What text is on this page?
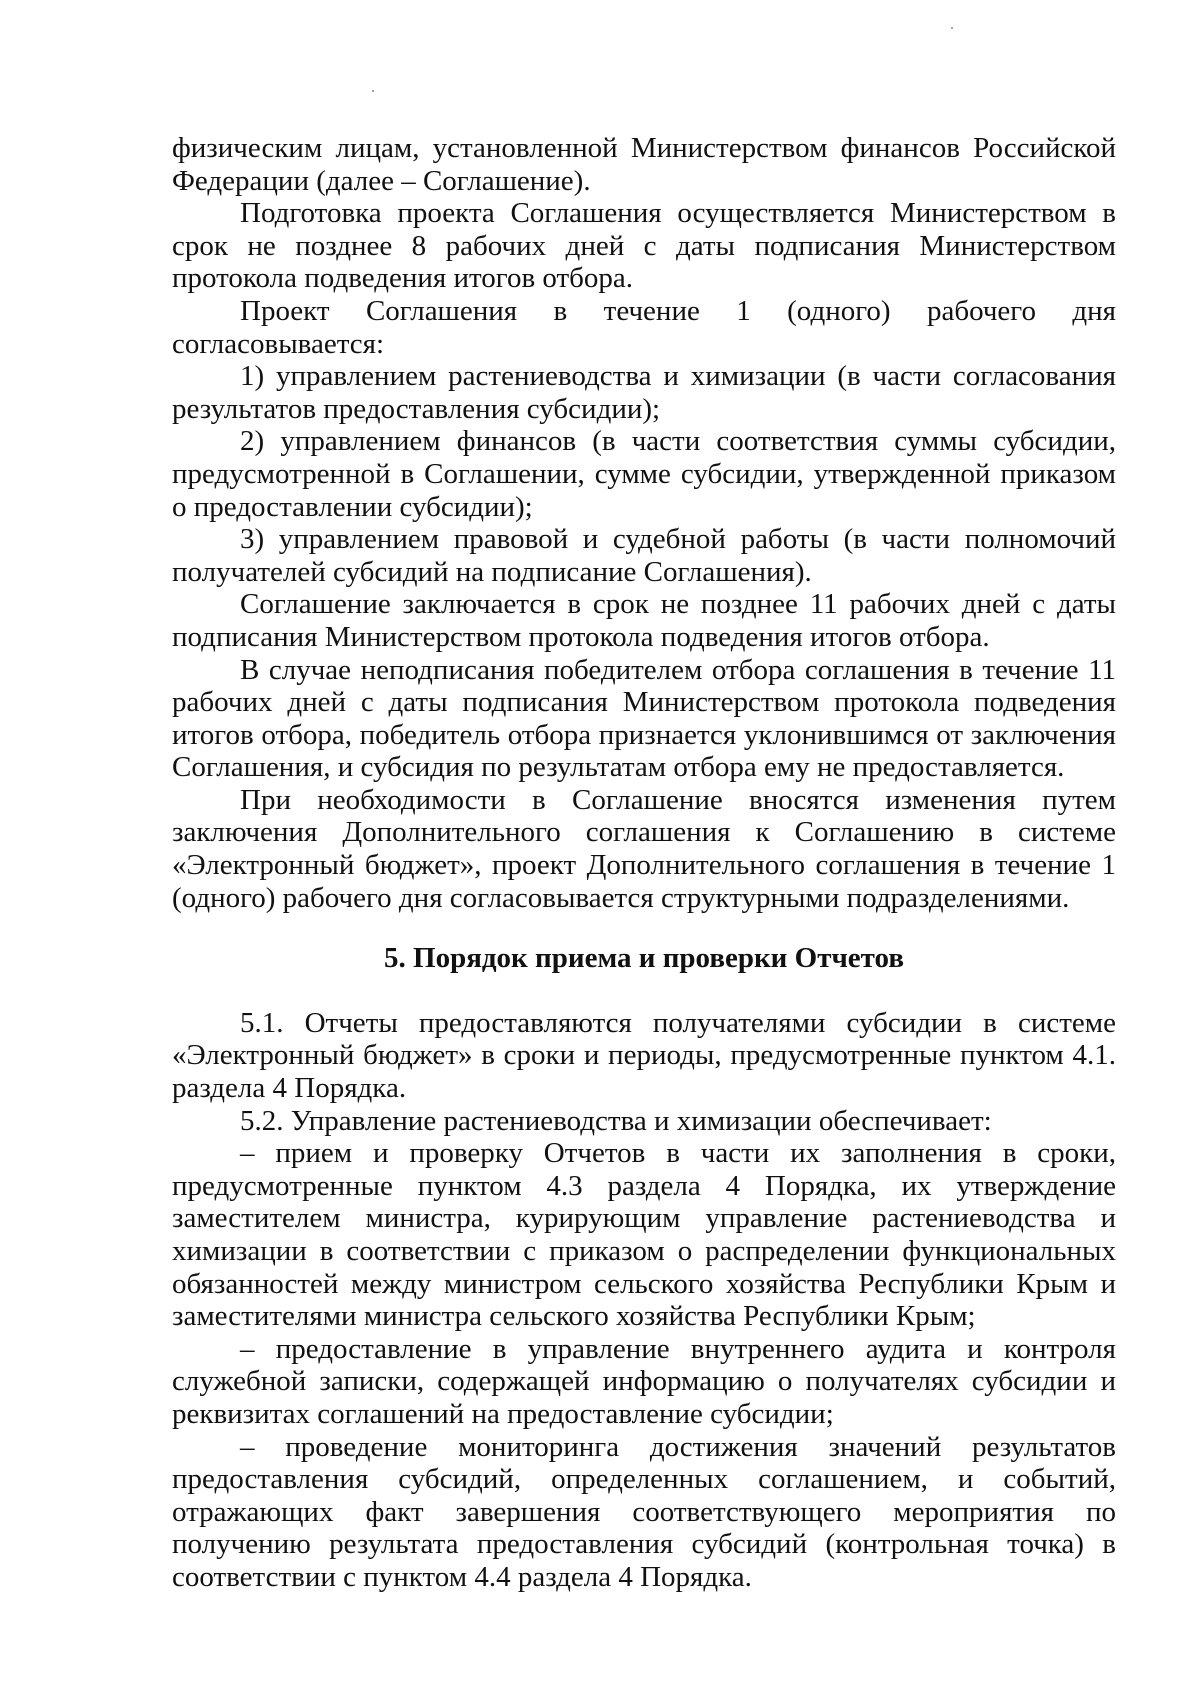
физическим лицам, установленной Министерством финансов Российской Федерации (далее – Соглашение).

Подготовка проекта Соглашения осуществляется Министерством в срок не позднее 8 рабочих дней с даты подписания Министерством протокола подведения итогов отбора.

Проект Соглашения в течение 1 (одного) рабочего дня согласовывается:

1) управлением растениеводства и химизации (в части согласования результатов предоставления субсидии);

2) управлением финансов (в части соответствия суммы субсидии, предусмотренной в Соглашении, сумме субсидии, утвержденной приказом о предоставлении субсидии);

3) управлением правовой и судебной работы (в части полномочий получателей субсидий на подписание Соглашения).

Соглашение заключается в срок не позднее 11 рабочих дней с даты подписания Министерством протокола подведения итогов отбора.

В случае неподписания победителем отбора соглашения в течение 11 рабочих дней с даты подписания Министерством протокола подведения итогов отбора, победитель отбора признается уклонившимся от заключения Соглашения, и субсидия по результатам отбора ему не предоставляется.

При необходимости в Соглашение вносятся изменения путем заключения Дополнительного соглашения к Соглашению в системе «Электронный бюджет», проект Дополнительного соглашения в течение 1 (одного) рабочего дня согласовывается структурными подразделениями.

5. Порядок приема и проверки Отчетов

5.1. Отчеты предоставляются получателями субсидии в системе «Электронный бюджет» в сроки и периоды, предусмотренные пунктом 4.1. раздела 4 Порядка.

5.2. Управление растениеводства и химизации обеспечивает:

– прием и проверку Отчетов в части их заполнения в сроки, предусмотренные пунктом 4.3 раздела 4 Порядка, их утверждение заместителем министра, курирующим управление растениеводства и химизации в соответствии с приказом о распределении функциональных обязанностей между министром сельского хозяйства Республики Крым и заместителями министра сельского хозяйства Республики Крым;

– предоставление в управление внутреннего аудита и контроля служебной записки, содержащей информацию о получателях субсидии и реквизитах соглашений на предоставление субсидии;

– проведение мониторинга достижения значений результатов предоставления субсидий, определенных соглашением, и событий, отражающих факт завершения соответствующего мероприятия по получению результата предоставления субсидий (контрольная точка) в соответствии с пунктом 4.4 раздела 4 Порядка.
